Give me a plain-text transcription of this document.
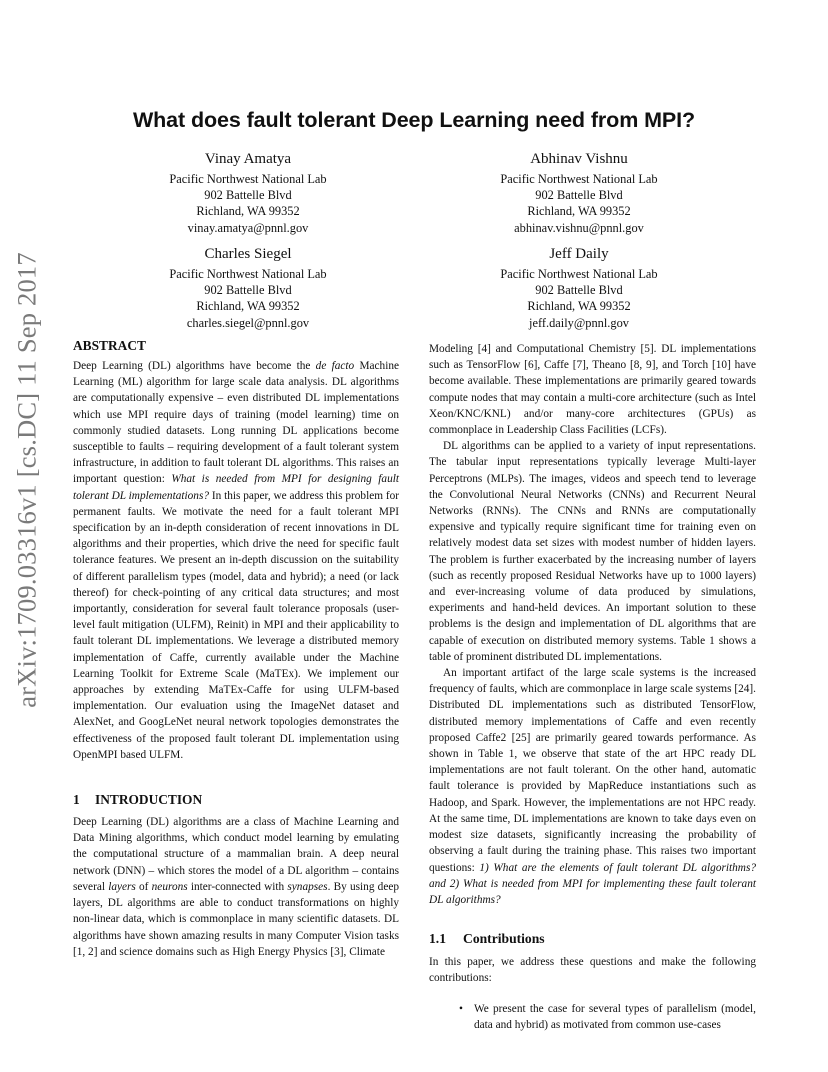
What does fault tolerant Deep Learning need from MPI?
Vinay Amatya
Pacific Northwest National Lab
902 Battelle Blvd
Richland, WA 99352
vinay.amatya@pnnl.gov
Abhinav Vishnu
Pacific Northwest National Lab
902 Battelle Blvd
Richland, WA 99352
abhinav.vishnu@pnnl.gov
Charles Siegel
Pacific Northwest National Lab
902 Battelle Blvd
Richland, WA 99352
charles.siegel@pnnl.gov
Jeff Daily
Pacific Northwest National Lab
902 Battelle Blvd
Richland, WA 99352
jeff.daily@pnnl.gov
arXiv:1709.03316v1 [cs.DC] 11 Sep 2017 ABSTRACT

Deep Learning (DL) algorithms have become the de facto Machine Learning (ML) algorithm for large scale data analysis. DL algorithms are computationally expensive – even distributed DL implementations which use MPI require days of training (model learning) time on commonly studied datasets. Long running DL applications become susceptible to faults – requiring development of a fault tolerant system infrastructure, in addition to fault tolerant DL algorithms. This raises an important question: What is needed from MPI for designing fault tolerant DL implementations? In this paper, we address this problem for permanent faults. We motivate the need for a fault tolerant MPI specification by an in-depth consideration of recent innovations in DL algorithms and their properties, which drive the need for specific fault tolerance features. We present an in-depth discussion on the suitability of different parallelism types (model, data and hybrid); a need (or lack thereof) for check-pointing of any critical data structures; and most importantly, consideration for several fault tolerance proposals (user-level fault mitigation (ULFM), Reinit) in MPI and their applicability to fault tolerant DL implementations. We leverage a distributed memory implementation of Caffe, currently available under the Machine Learning Toolkit for Extreme Scale (MaTEx). We implement our approaches by extending MaTEx-Caffe for using ULFM-based implementation. Our evaluation using the ImageNet dataset and AlexNet, and GoogLeNet neural network topologies demonstrates the effectiveness of the proposed fault tolerant DL implementation using OpenMPI based ULFM.

1 INTRODUCTION

Deep Learning (DL) algorithms are a class of Machine Learning and Data Mining algorithms, which conduct model learning by emulating the computational structure of a mammalian brain. A deep neural network (DNN) – which stores the model of a DL algorithm – contains several layers of neurons inter-connected with synapses. By using deep layers, DL algorithms are able to conduct transformations on highly non-linear data, which is commonplace in many scientific datasets. DL algorithms have shown amazing results in many Computer Vision tasks [1, 2] and science domains such as High Energy Physics [3], Climate

Modeling [4] and Computational Chemistry [5]. DL implementations such as TensorFlow [6], Caffe [7], Theano [8, 9], and Torch [10] have become available. These implementations are primarily geared towards compute nodes that may contain a multi-core architecture (such as Intel Xeon/KNC/KNL) and/or many-core architectures (GPUs) as commonplace in Leadership Class Facilities (LCFs).

DL algorithms can be applied to a variety of input representations. The tabular input representations typically leverage Multi-layer Perceptrons (MLPs). The images, videos and speech tend to leverage the Convolutional Neural Networks (CNNs) and Recurrent Neural Networks (RNNs). The CNNs and RNNs are computationally expensive and typically require significant time for training even on relatively modest data set sizes with modest number of hidden layers. The problem is further exacerbated by the increasing number of layers (such as recently proposed Residual Networks have up to 1000 layers) and ever-increasing volume of data produced by simulations, experiments and hand-held devices. An important solution to these problems is the design and implementation of DL algorithms that are capable of execution on distributed memory systems. Table 1 shows a table of prominent distributed DL implementations.

An important artifact of the large scale systems is the increased frequency of faults, which are commonplace in large scale systems [24]. Distributed DL implementations such as distributed TensorFlow, distributed memory implementations of Caffe and even recently proposed Caffe2 [25] are primarily geared towards performance. As shown in Table 1, we observe that state of the art HPC ready DL implementations are not fault tolerant. On the other hand, automatic fault tolerance is provided by MapReduce instantiations such as Hadoop, and Spark. However, the implementations are not HPC ready. At the same time, DL implementations are known to take days even on modest size datasets, significantly increasing the probability of observing a fault during the training phase. This raises two important questions: 1) What are the elements of fault tolerant DL algorithms? and 2) What is needed from MPI for implementing these fault tolerant DL algorithms?

1.1 Contributions

In this paper, we address these questions and make the following contributions:

• We present the case for several types of parallelism (model, data and hybrid) as motivated from common use-cases
